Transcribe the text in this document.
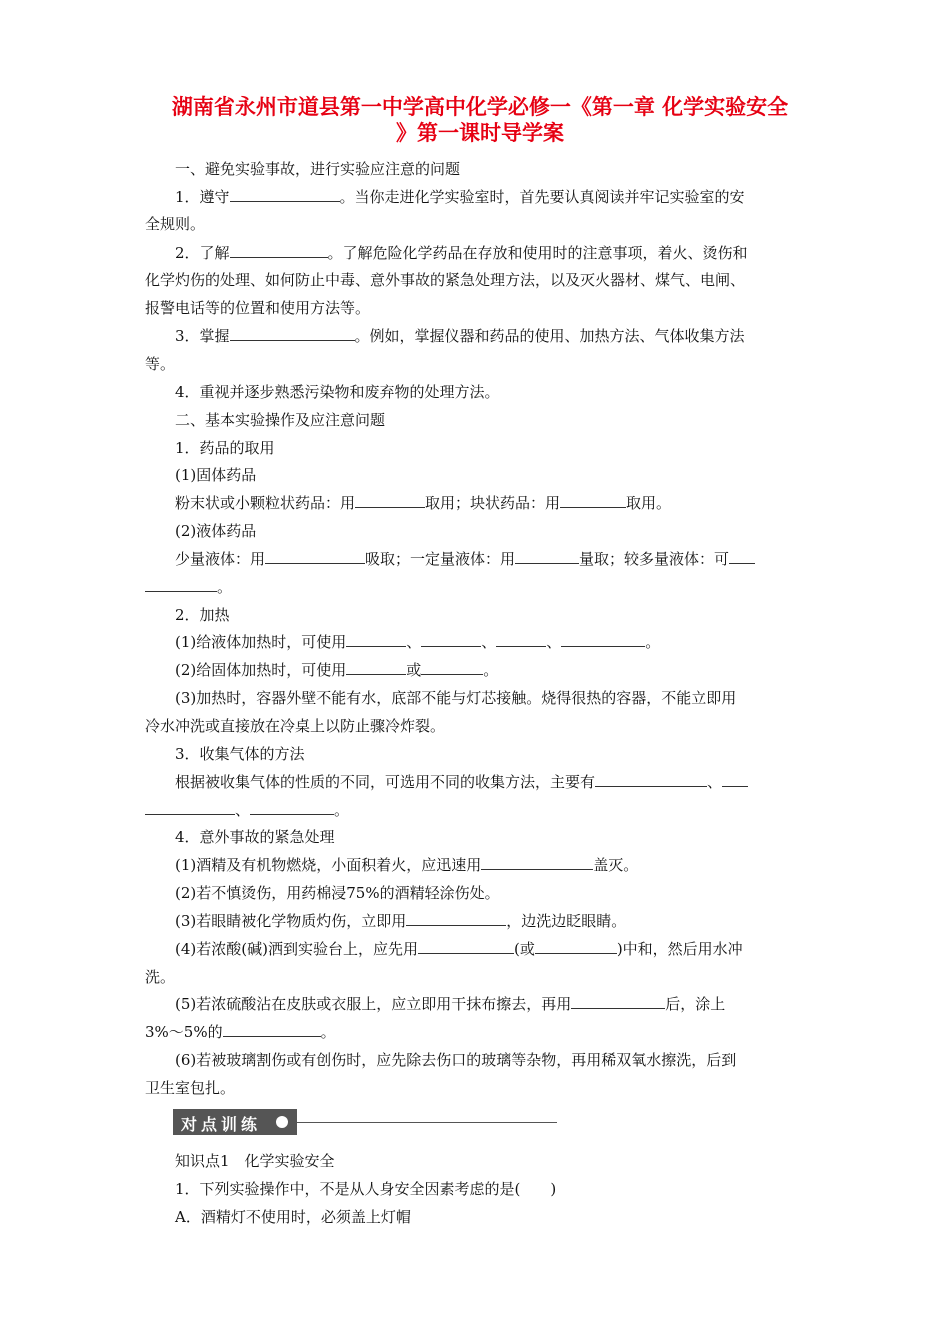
湖南省永州市道县第一中学高中化学必修一《第一章 化学实验安全
》第一课时导学案
一、避免实验事故，进行实验应注意的问题
1．遵守	。当你走进化学实验室时，首先要认真阅读并牢记实验室的安
全规则。
2．了解	。了解危险化学药品在存放和使用时的注意事项，着火、烫伤和
化学灼伤的处理、如何防止中毒、意外事故的紧急处理方法，以及灭火器材、煤气、电闸、
报警电话等的位置和使用方法等。
3．掌握	。例如，掌握仪器和药品的使用、加热方法、气体收集方法
等。
4．重视并逐步熟悉污染物和废弃物的处理方法。
二、基本实验操作及应注意问题
1．药品的取用
(1)固体药品
粉末状或小颗粒状药品：用	取用；块状药品：用	取用。
(2)液体药品
少量液体：用	吸取；一定量液体：用	量取；较多量液体：可
。
2．加热
(1)给液体加热时，可使用	、	、	、	。
(2)给固体加热时，可使用	或	。
(3)加热时，容器外壁不能有水，底部不能与灯芯接触。烧得很热的容器，不能立即用
冷水冲洗或直接放在冷桌上以防止骤冷炸裂。
3．收集气体的方法
根据被收集气体的性质的不同，可选用不同的收集方法，主要有	、
、	。
4．意外事故的紧急处理
(1)酒精及有机物燃烧，小面积着火，应迅速用	盖灭。
(2)若不慎烫伤，用药棉浸75%的酒精轻涂伤处。
(3)若眼睛被化学物质灼伤，立即用	，边洗边眨眼睛。
(4)若浓酸(碱)洒到实验台上，应先用	(或	)中和，然后用水冲
洗。
(5)若浓硫酸沾在皮肤或衣服上，应立即用干抹布擦去，再用	后，涂上
3%～5%的	。
(6)若被玻璃割伤或有创伤时，应先除去伤口的玻璃等杂物，再用稀双氧水擦洗，后到
卫生室包扎。
对点训练
知识点1　化学实验安全
1．下列实验操作中，不是从人身安全因素考虑的是(　　)
A．酒精灯不使用时，必须盖上灯帽
